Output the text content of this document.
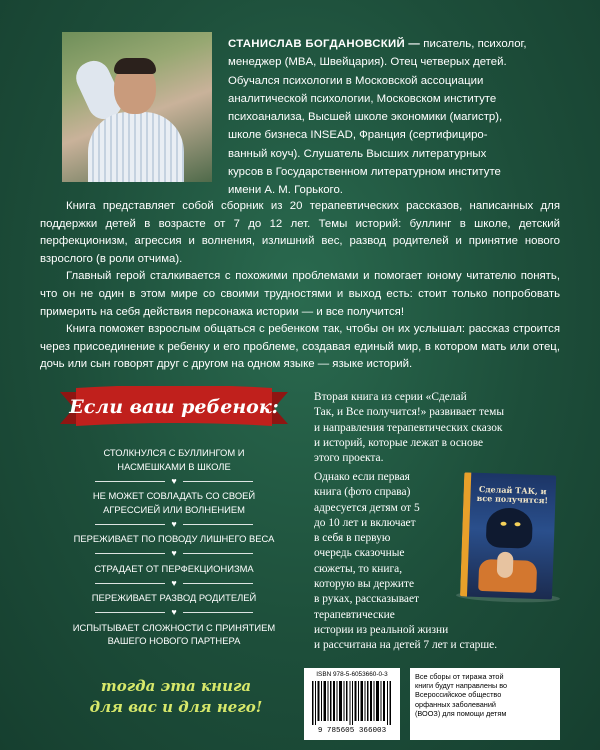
СТАНИСЛАВ БОГДАНОВСКИЙ — писатель, психолог,
менеджер (MBA, Швейцария). Отец четверых детей.
Обучался психологии в Московской ассоциации
аналитической психологии, Московском институте
психоанализа, Высшей школе экономики (магистр),
школе бизнеса INSEAD, Франция (сертифициро-
ванный коуч). Слушатель Высших литературных
курсов в Государственном литературном институте
имени А. М. Горького.

Книга представляет собой сборник из 20 терапевтических рассказов, написанных для поддержки детей в возрасте от 7 до 12 лет. Темы историй: буллинг в школе, детский перфекционизм, агрессия и волнения, излишний вес, развод родителей и принятие нового взрослого (в роли отчима).

Главный герой сталкивается с похожими проблемами и помогает юному читателю понять, что он не один в этом мире со своими трудностями и выход есть: стоит только попробовать примерить на себя действия персонажа истории — и все получится!

Книга поможет взрослым общаться с ребенком так, чтобы он их услышал: рассказ строится через присоединение к ребенку и его проблеме, создавая единый мир, в котором мать или отец, дочь или сын говорят друг с другом на одном языке — языке историй.

Если ваш ребенок:
СТОЛКНУЛСЯ С БУЛЛИНГОМ И НАСМЕШКАМИ В ШКОЛЕ
♥
НЕ МОЖЕТ СОВЛАДАТЬ СО СВОЕЙ АГРЕССИЕЙ ИЛИ ВОЛНЕНИЕМ
♥
ПЕРЕЖИВАЕТ ПО ПОВОДУ ЛИШНЕГО ВЕСА
♥
СТРАДАЕТ ОТ ПЕРФЕКЦИОНИЗМА
♥
ПЕРЕЖИВАЕТ РАЗВОД РОДИТЕЛЕЙ
♥
ИСПЫТЫВАЕТ СЛОЖНОСТИ С ПРИНЯТИЕМ ВАШЕГО НОВОГО ПАРТНЕРА
тогда эта книга
для вас и для него!
Вторая книга из серии «Сделай
Так, и Все получится!» развивает темы
и направления терапевтических сказок
и историй, которые лежат в основе
этого проекта.
Однако если первая
книга (фото справа)
адресуется детям от 5
до 10 лет и включает
в себя в первую
очередь сказочные
сюжеты, то книга,
которую вы держите
в руках, рассказывает
терапевтические
истории из реальной жизни
и рассчитана на детей 7 лет и старше.
Сделай ТАК, и все получится!
ISBN 978-5-6053660-0-3
9 785605 366003
Все сборы от тиража этой
книги будут направлены во
Всероссийское общество
орфанных заболеваний
(ВООЗ) для помощи детям
